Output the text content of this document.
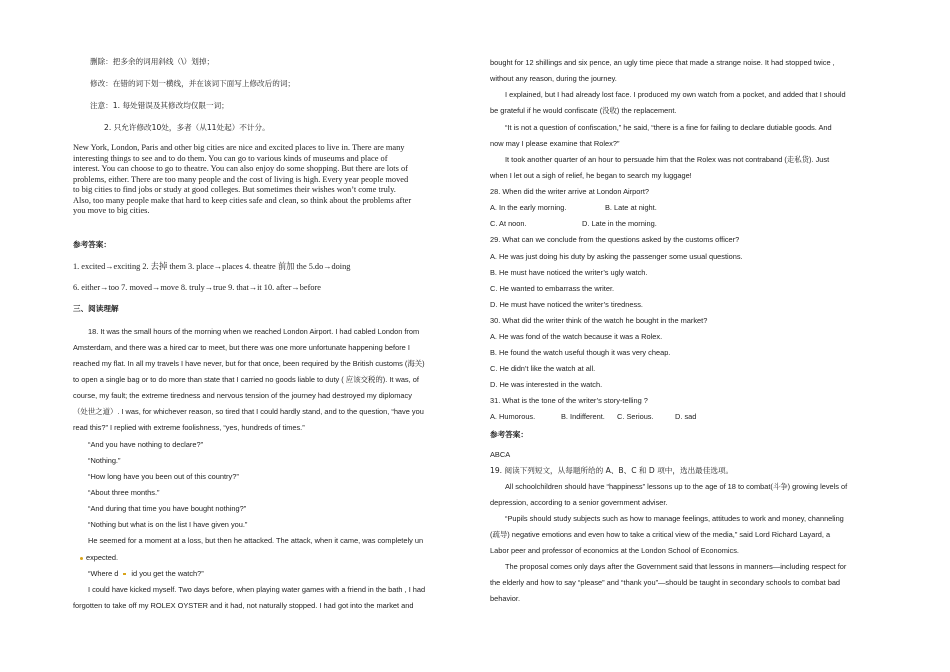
删除：把多余的词用斜线（\）划掉；
修改：在错的词下划一横线，并在该词下面写上修改后的词；
注意：1. 每处错误及其修改均仅限一词；
2. 只允许修改10处，多者（从11处起）不计分。
New York, London, Paris and other big cities are nice and excited places to live in. There are many
interesting things to see and to do them. You can go to various kinds of museums and place of
interest. You can choose to go to theatre. You can also enjoy do some shopping. But there are lots of
problems, either. There are too many people and the cost of living is high. Every year people moved
to big cities to find jobs or study at good colleges. But sometimes their wishes won’t come truly.
Also, too many people make that hard to keep cities safe and clean, so think about the problems after
you move to big cities.
参考答案：
1. excited→exciting 2. 去掉 them 3. place→places 4. theatre 前加 the 5.do→doing
6. either→too 7. moved→move 8. truly→true 9. that→it 10. after→before
三、阅读理解
18. It was the small hours of the morning when we reached London Airport. I had cabled London from
Amsterdam, and there was a hired car to meet, but there was one more unfortunate happening before I
reached my flat. In all my travels I have never, but for that once, been required by the British customs (海关)
to open a single bag or to do more than state that I carried no goods liable to duty ( 应该交税的). It was, of
course, my fault; the extreme tiredness and nervous tension of the journey had destroyed my diplomacy
（处世之道）. I was, for whichever reason, so tired that I could hardly stand, and to the question, “have you
read this?” I replied with extreme foolishness, “yes, hundreds of times.”
“And you have nothing to declare?”
“Nothing.”
“How long have you been out of this country?”
“About three months.”
“And during that time you have bought nothing?”
“Nothing but what is on the list I have given you.”
He seemed for a moment at a loss, but then he attacked. The attack, when it came, was completely un
expected.
“Where d id you get the watch?”
I could have kicked myself. Two days before, when playing water games with a friend in the bath , I had
forgotten to take off my ROLEX OYSTER and it had, not naturally stopped. I had got into the market and
bought for 12 shillings and six pence, an ugly time piece that made a strange noise. It had stopped twice ,
without any reason, during the journey.
I explained, but I had already lost face. I produced my own watch from a pocket, and added that I should
be grateful if he would confiscate (没收) the replacement.
“It is not a question of confiscation,” he said, “there is a fine for failing to declare dutiable goods. And
now may I please examine that Rolex?”
It took another quarter of an hour to persuade him that the Rolex was not contraband (走私货). Just
when I let out a sigh of relief, he began to search my luggage!
28. When did the writer arrive at London Airport?
A. In the early morning.	B. Late at night.
C. At noon.	D. Late in the morning.
29. What can we conclude from the questions asked by the customs officer?
A. He was just doing his duty by asking the passenger some usual questions.
B. He must have noticed the writer’s ugly watch.
C. He wanted to embarrass the writer.
D. He must have noticed the writer’s tiredness.
30. What did the writer think of the watch he bought in the market?
A. He was fond of the watch because it was a Rolex.
B. He found the watch useful though it was very cheap.
C. He didn’t like the watch at all.
D. He was interested in the watch.
31. What is the tone of the writer’s story-telling ?
A. Humorous.	B. Indifferent. C. Serious.	D. sad
参考答案：
ABCA
19. 阅读下列短文，从每题所给的 A、B、C 和 D 项中，选出最佳选项。
All schoolchildren should have “happiness” lessons up to the age of 18 to combat(斗争) growing levels of
depression, according to a senior government adviser.
“Pupils should study subjects such as how to manage feelings, attitudes to work and money, channeling
(疏导) negative emotions and even how to take a critical view of the media,” said Lord Richard Layard, a
Labor peer and professor of economics at the London School of Economics.
The proposal comes only days after the Government said that lessons in manners—including respect for
the elderly and how to say “please” and “thank you”—should be taught in secondary schools to combat bad
behavior.
